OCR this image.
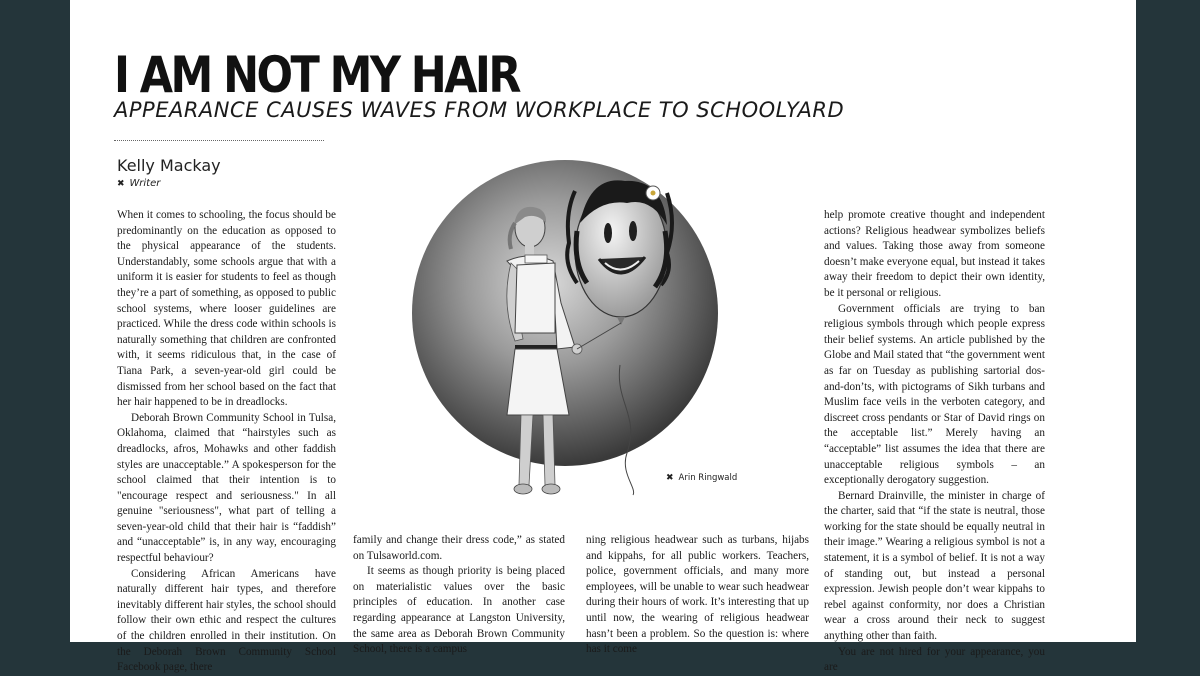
I AM NOT MY HAIR
APPEARANCE CAUSES WAVES FROM WORKPLACE TO SCHOOLYARD
Kelly Mackay
✖ Writer

When it comes to schooling, the focus should be predominantly on the education as opposed to the physical appearance of the students. Understandably, some schools argue that with a uniform it is easier for students to feel as though they’re a part of something, as opposed to public school systems, where looser guidelines are practiced. While the dress code within schools is naturally something that children are confronted with, it seems ridiculous that, in the case of Tiana Park, a seven-year-old girl could be dismissed from her school based on the fact that her hair happened to be in dreadlocks.

Deborah Brown Community School in Tulsa, Oklahoma, claimed that “hairstyles such as dreadlocks, afros, Mohawks and other faddish styles are unacceptable.” A spokesperson for the school claimed that their intention is to "encourage respect and seriousness." In all genuine "seriousness", what part of telling a seven-year-old child that their hair is “faddish” and “unacceptable” is, in any way, encouraging respectful behaviour?

Considering African Americans have naturally different hair types, and therefore inevitably different hair styles, the school should follow their own ethic and respect the cultures of the children enrolled in their institution. On the Deborah Brown Community School Facebook page, there

✖ Arin Ringwald

family and change their dress code,” as stated on Tulsaworld.com.

It seems as though priority is being placed on materialistic values over the basic principles of education. In another case regarding appearance at Langston University, the same area as Deborah Brown Community School, there is a campus

ning religious headwear such as turbans, hijabs and kippahs, for all public workers. Teachers, police, government officials, and many more employees, will be unable to wear such headwear during their hours of work. It’s interesting that up until now, the wearing of religious headwear hasn’t been a problem. So the question is: where has it come

help promote creative thought and independent actions? Religious headwear symbolizes beliefs and values. Taking those away from someone doesn’t make everyone equal, but instead it takes away their freedom to depict their own identity, be it personal or religious.

Government officials are trying to ban religious symbols through which people express their belief systems. An article published by the Globe and Mail stated that “the government went as far on Tuesday as publishing sartorial dos-and-don’ts, with pictograms of Sikh turbans and Muslim face veils in the verboten category, and discreet cross pendants or Star of David rings on the acceptable list.” Merely having an “acceptable” list assumes the idea that there are unacceptable religious symbols – an exceptionally derogatory suggestion.

Bernard Drainville, the minister in charge of the charter, said that “if the state is neutral, those working for the state should be equally neutral in their image.” Wearing a religious symbol is not a statement, it is a symbol of belief. It is not a way of standing out, but instead a personal expression. Jewish people don’t wear kippahs to rebel against conformity, nor does a Christian wear a cross around their neck to suggest anything other than faith.

You are not hired for your appearance, you are
